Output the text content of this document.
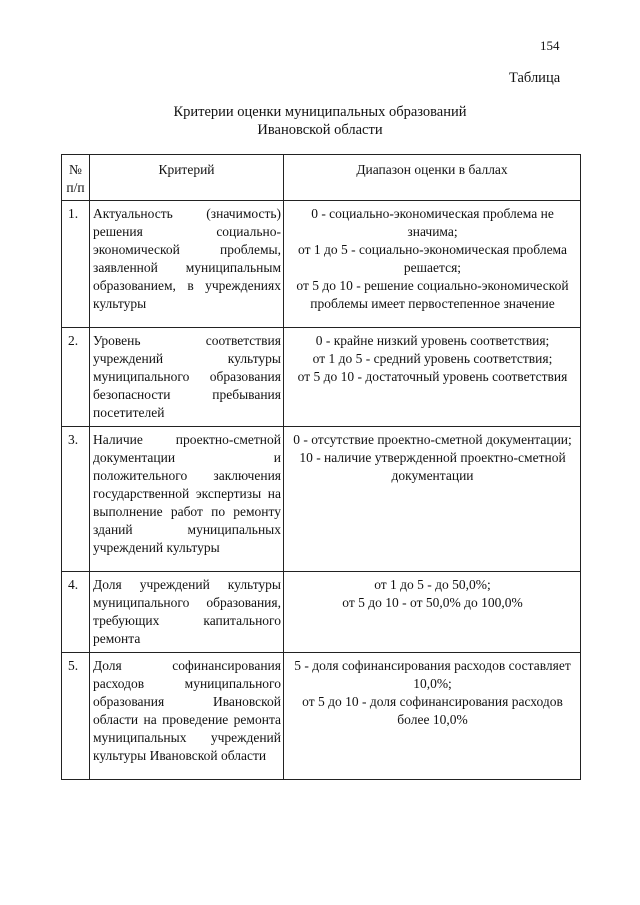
154
Таблица
Критерии оценки муниципальных образований
Ивановской области
№ п/п	Критерий	Диапазон оценки в баллах
1.	Актуальность (значимость) решения социально-экономической проблемы, заявленной муниципальным образованием, в учреждениях культуры	0 - социально-экономическая проблема не значима;
от 1 до 5 - социально-экономическая проблема решается;
от 5 до 10 - решение социально-экономической проблемы имеет первостепенное значение
2.	Уровень соответствия учреждений культуры муниципального образования безопасности пребывания посетителей	0 - крайне низкий уровень соответствия;
от 1 до 5 - средний уровень соответствия;
от 5 до 10 - достаточный уровень соответствия
3.	Наличие проектно-сметной документации и положительного заключения государственной экспертизы на выполнение работ по ремонту зданий муниципальных учреждений культуры	0 - отсутствие проектно-сметной документации;
10 - наличие утвержденной проектно-сметной документации
4.	Доля учреждений культуры муниципального образования, требующих капитального ремонта	от 1 до 5 - до 50,0%;
от 5 до 10 - от 50,0% до 100,0%
5.	Доля софинансирования расходов муниципального образования Ивановской области на проведение ремонта муниципальных учреждений культуры Ивановской области	5 - доля софинансирования расходов составляет 10,0%;
от 5 до 10 - доля софинансирования расходов более 10,0%
